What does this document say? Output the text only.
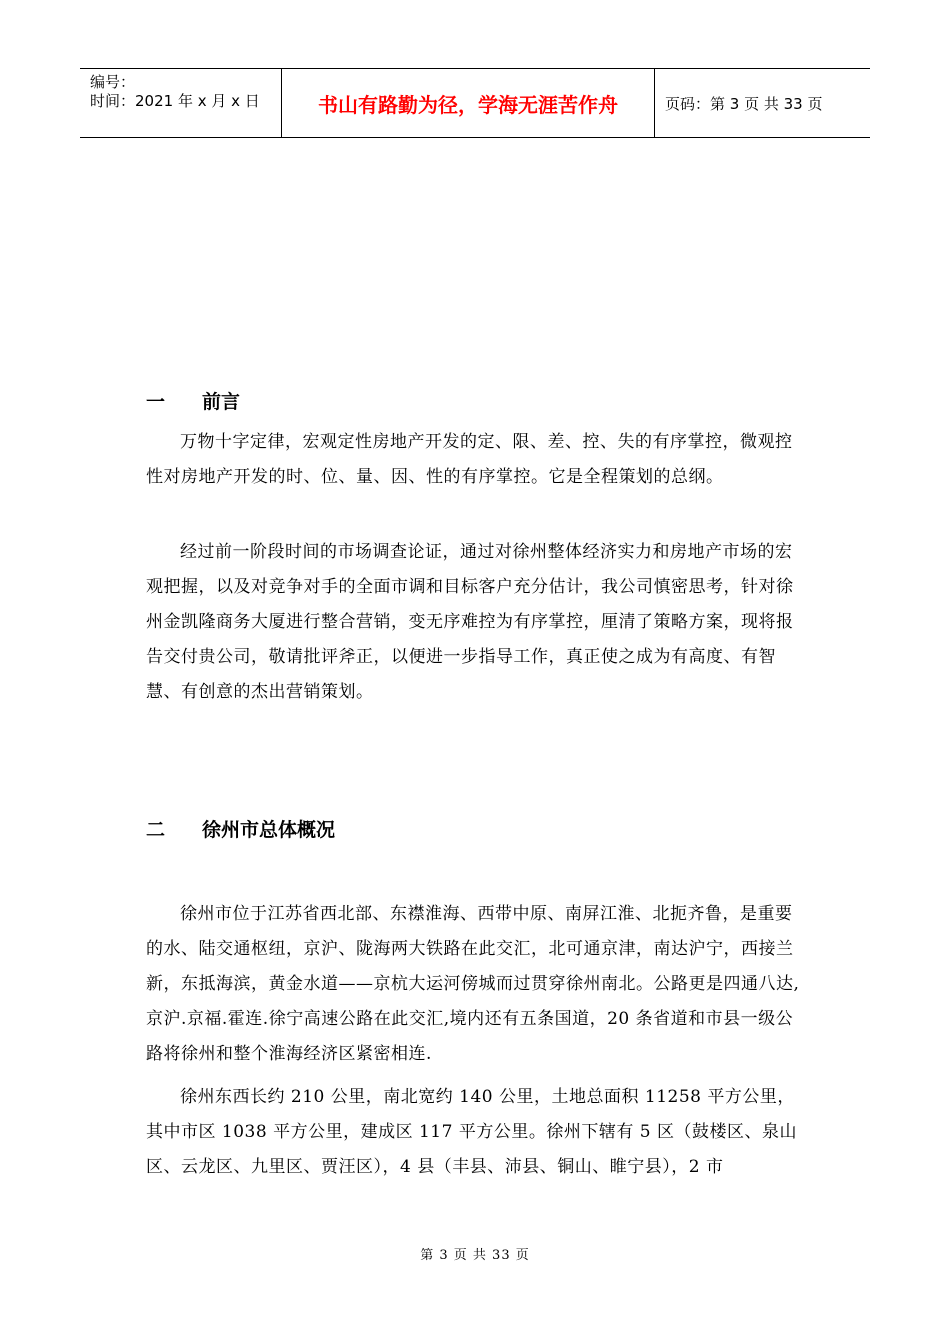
编号：
时间：2021 年 x 月 x 日	书山有路勤为径，学海无涯苦作舟	页码：第 3 页 共 33 页
一 前言

万物十字定律，宏观定性房地产开发的定、限、差、控、失的有序掌控，微观控性对房地产开发的时、位、量、因、性的有序掌控。它是全程策划的总纲。

经过前一阶段时间的市场调查论证，通过对徐州整体经济实力和房地产市场的宏观把握，以及对竞争对手的全面市调和目标客户充分估计，我公司慎密思考，针对徐州金凯隆商务大厦进行整合营销，变无序难控为有序掌控，厘清了策略方案，现将报告交付贵公司，敬请批评斧正，以便进一步指导工作，真正使之成为有高度、有智慧、有创意的杰出营销策划。

二 徐州市总体概况

徐州市位于江苏省西北部、东襟淮海、西带中原、南屏江淮、北扼齐鲁，是重要的水、陆交通枢纽，京沪、陇海两大铁路在此交汇，北可通京津，南达沪宁，西接兰新，东抵海滨，黄金水道——京杭大运河傍城而过贯穿徐州南北。公路更是四通八达,京沪.京福.霍连.徐宁高速公路在此交汇,境内还有五条国道，20 条省道和市县一级公路将徐州和整个淮海经济区紧密相连.

徐州东西长约 210 公里，南北宽约 140 公里，土地总面积 11258 平方公里，其中市区 1038 平方公里，建成区 117 平方公里。徐州下辖有 5 区（鼓楼区、泉山区、云龙区、九里区、贾汪区），4 县（丰县、沛县、铜山、睢宁县），2 市

第 3 页 共 33 页
